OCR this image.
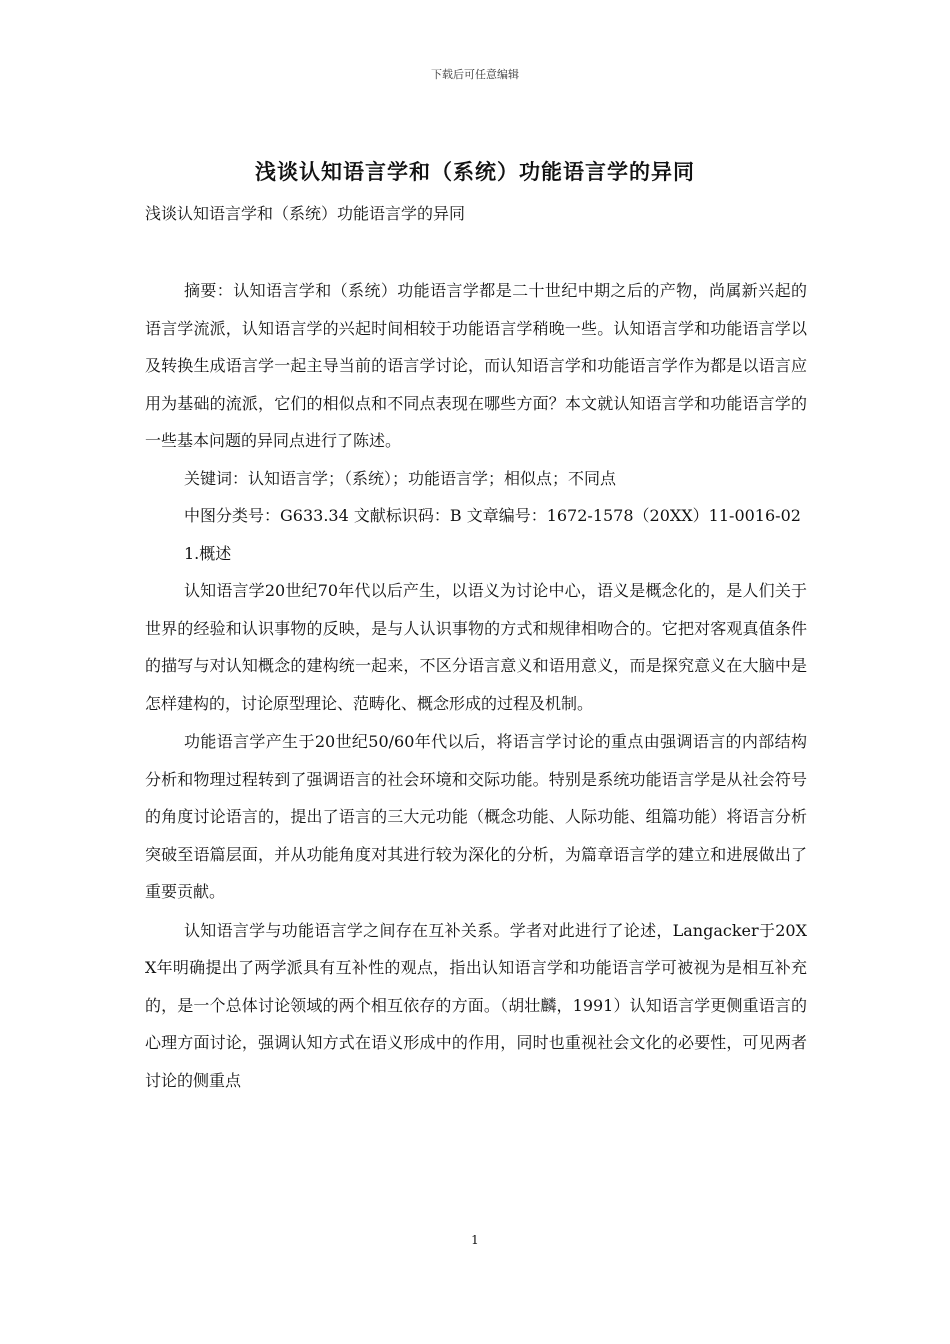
下载后可任意编辑
浅谈认知语言学和（系统）功能语言学的异同
浅谈认知语言学和（系统）功能语言学的异同

摘要：认知语言学和（系统）功能语言学都是二十世纪中期之后的产物，尚属新兴起的语言学流派，认知语言学的兴起时间相较于功能语言学稍晚一些。认知语言学和功能语言学以及转换生成语言学一起主导当前的语言学讨论，而认知语言学和功能语言学作为都是以语言应用为基础的流派，它们的相似点和不同点表现在哪些方面？本文就认知语言学和功能语言学的一些基本问题的异同点进行了陈述。

关键词：认知语言学；（系统）；功能语言学；相似点；不同点

中图分类号：G633.34 文献标识码：B 文章编号：1672-1578（20XX）11-0016-02

1.概述

认知语言学20世纪70年代以后产生，以语义为讨论中心，语义是概念化的，是人们关于世界的经验和认识事物的反映，是与人认识事物的方式和规律相吻合的。它把对客观真值条件的描写与对认知概念的建构统一起来，不区分语言意义和语用意义，而是探究意义在大脑中是怎样建构的，讨论原型理论、范畴化、概念形成的过程及机制。

功能语言学产生于20世纪50/60年代以后，将语言学讨论的重点由强调语言的内部结构分析和物理过程转到了强调语言的社会环境和交际功能。特别是系统功能语言学是从社会符号的角度讨论语言的，提出了语言的三大元功能（概念功能、人际功能、组篇功能）将语言分析突破至语篇层面，并从功能角度对其进行较为深化的分析，为篇章语言学的建立和进展做出了重要贡献。

认知语言学与功能语言学之间存在互补关系。学者对此进行了论述，Langacker于20XX年明确提出了两学派具有互补性的观点，指出认知语言学和功能语言学可被视为是相互补充的，是一个总体讨论领域的两个相互依存的方面。（胡壮麟，1991）认知语言学更侧重语言的心理方面讨论，强调认知方式在语义形成中的作用，同时也重视社会文化的必要性，可见两者讨论的侧重点

1
